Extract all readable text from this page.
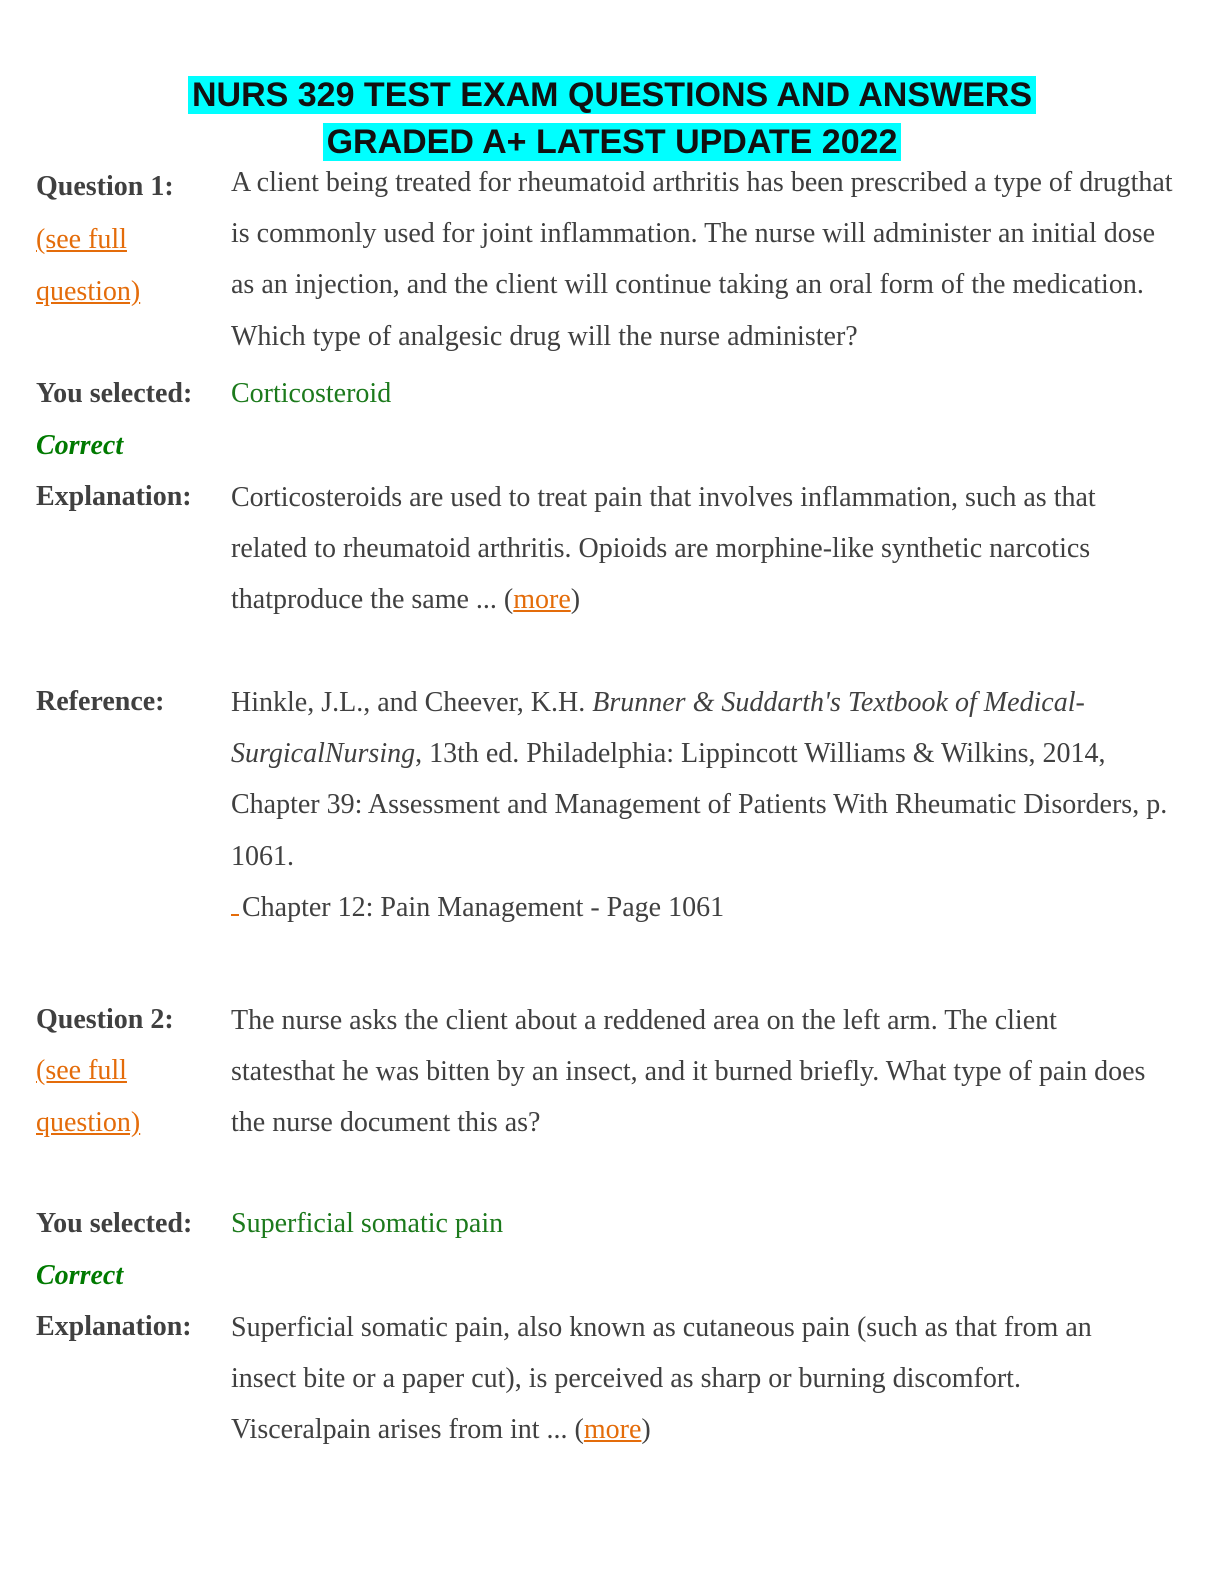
NURS 329 TEST EXAM QUESTIONS AND ANSWERS
GRADED A+ LATEST UPDATE 2022
Question 1:
(see full
question)
A client being treated for rheumatoid arthritis has been prescribed a type of drugthat is commonly used for joint inflammation. The nurse will administer an initial dose as an injection, and the client will continue taking an oral form of the medication. Which type of analgesic drug will the nurse administer?
You selected: Corticosteroid
Correct
Explanation: Corticosteroids are used to treat pain that involves inflammation, such as that related to rheumatoid arthritis. Opioids are morphine-like synthetic narcotics thatproduce the same ... (more)
Reference: Hinkle, J.L., and Cheever, K.H. Brunner & Suddarth's Textbook of Medical-SurgicalNursing, 13th ed. Philadelphia: Lippincott Williams & Wilkins, 2014, Chapter 39: Assessment and Management of Patients With Rheumatic Disorders, p. 1061.
Chapter 12: Pain Management - Page 1061
Question 2:
(see full
question)
The nurse asks the client about a reddened area on the left arm. The client statesthat he was bitten by an insect, and it burned briefly. What type of pain does the nurse document this as?
You selected: Superficial somatic pain
Correct
Explanation: Superficial somatic pain, also known as cutaneous pain (such as that from an insect bite or a paper cut), is perceived as sharp or burning discomfort. Visceralpain arises from int ... (more)
